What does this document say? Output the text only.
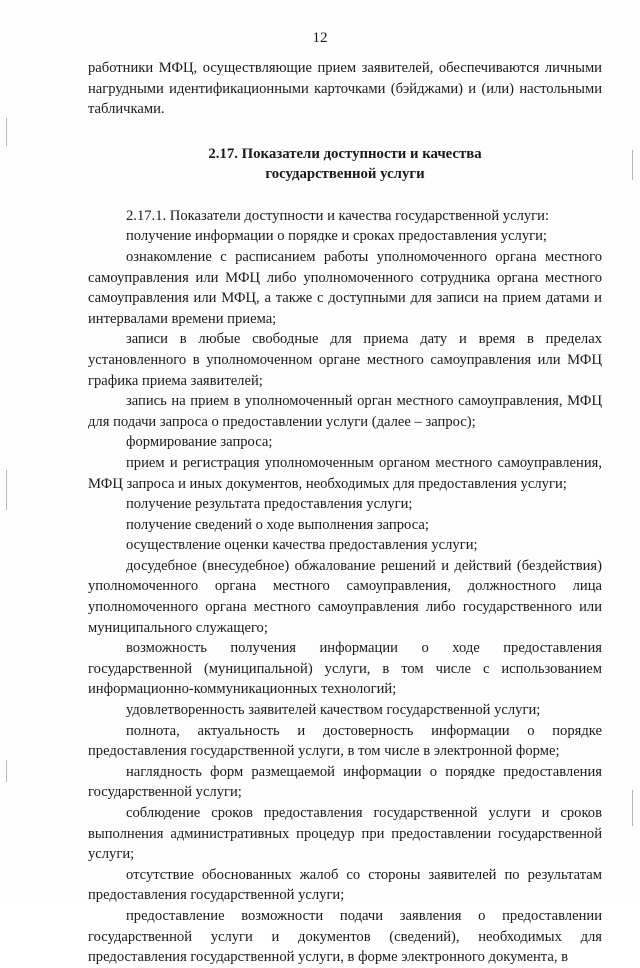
12

работники МФЦ, осуществляющие прием заявителей, обеспечиваются личными нагрудными идентификационными карточками (бэйджами) и (или) настольными табличками.

2.17. Показатели доступности и качества
государственной услуги

2.17.1. Показатели доступности и качества государственной услуги:

получение информации о порядке и сроках предоставления услуги;

ознакомление с расписанием работы уполномоченного органа местного самоуправления или МФЦ либо уполномоченного сотрудника органа местного самоуправления или МФЦ, а также с доступными для записи на прием датами и интервалами времени приема;

записи в любые свободные для приема дату и время в пределах установленного в уполномоченном органе местного самоуправления или МФЦ графика приема заявителей;

запись на прием в уполномоченный орган местного самоуправления, МФЦ для подачи запроса о предоставлении услуги (далее – запрос);

формирование запроса;

прием и регистрация уполномоченным органом местного самоуправления, МФЦ запроса и иных документов, необходимых для предоставления услуги;

получение результата предоставления услуги;

получение сведений о ходе выполнения запроса;

осуществление оценки качества предоставления услуги;

досудебное (внесудебное) обжалование решений и действий (бездействия) уполномоченного органа местного самоуправления, должностного лица уполномоченного органа местного самоуправления либо государственного или муниципального служащего;

возможность получения информации о ходе предоставления государственной (муниципальной) услуги, в том числе с использованием информационно-коммуникационных технологий;

удовлетворенность заявителей качеством государственной услуги;

полнота, актуальность и достоверность информации о порядке предоставления государственной услуги, в том числе в электронной форме;

наглядность форм размещаемой информации о порядке предоставления государственной услуги;

соблюдение сроков предоставления государственной услуги и сроков выполнения административных процедур при предоставлении государственной услуги;

отсутствие обоснованных жалоб со стороны заявителей по результатам предоставления государственной услуги;

предоставление возможности подачи заявления о предоставлении государственной услуги и документов (сведений), необходимых для предоставления государственной услуги, в форме электронного документа, в
